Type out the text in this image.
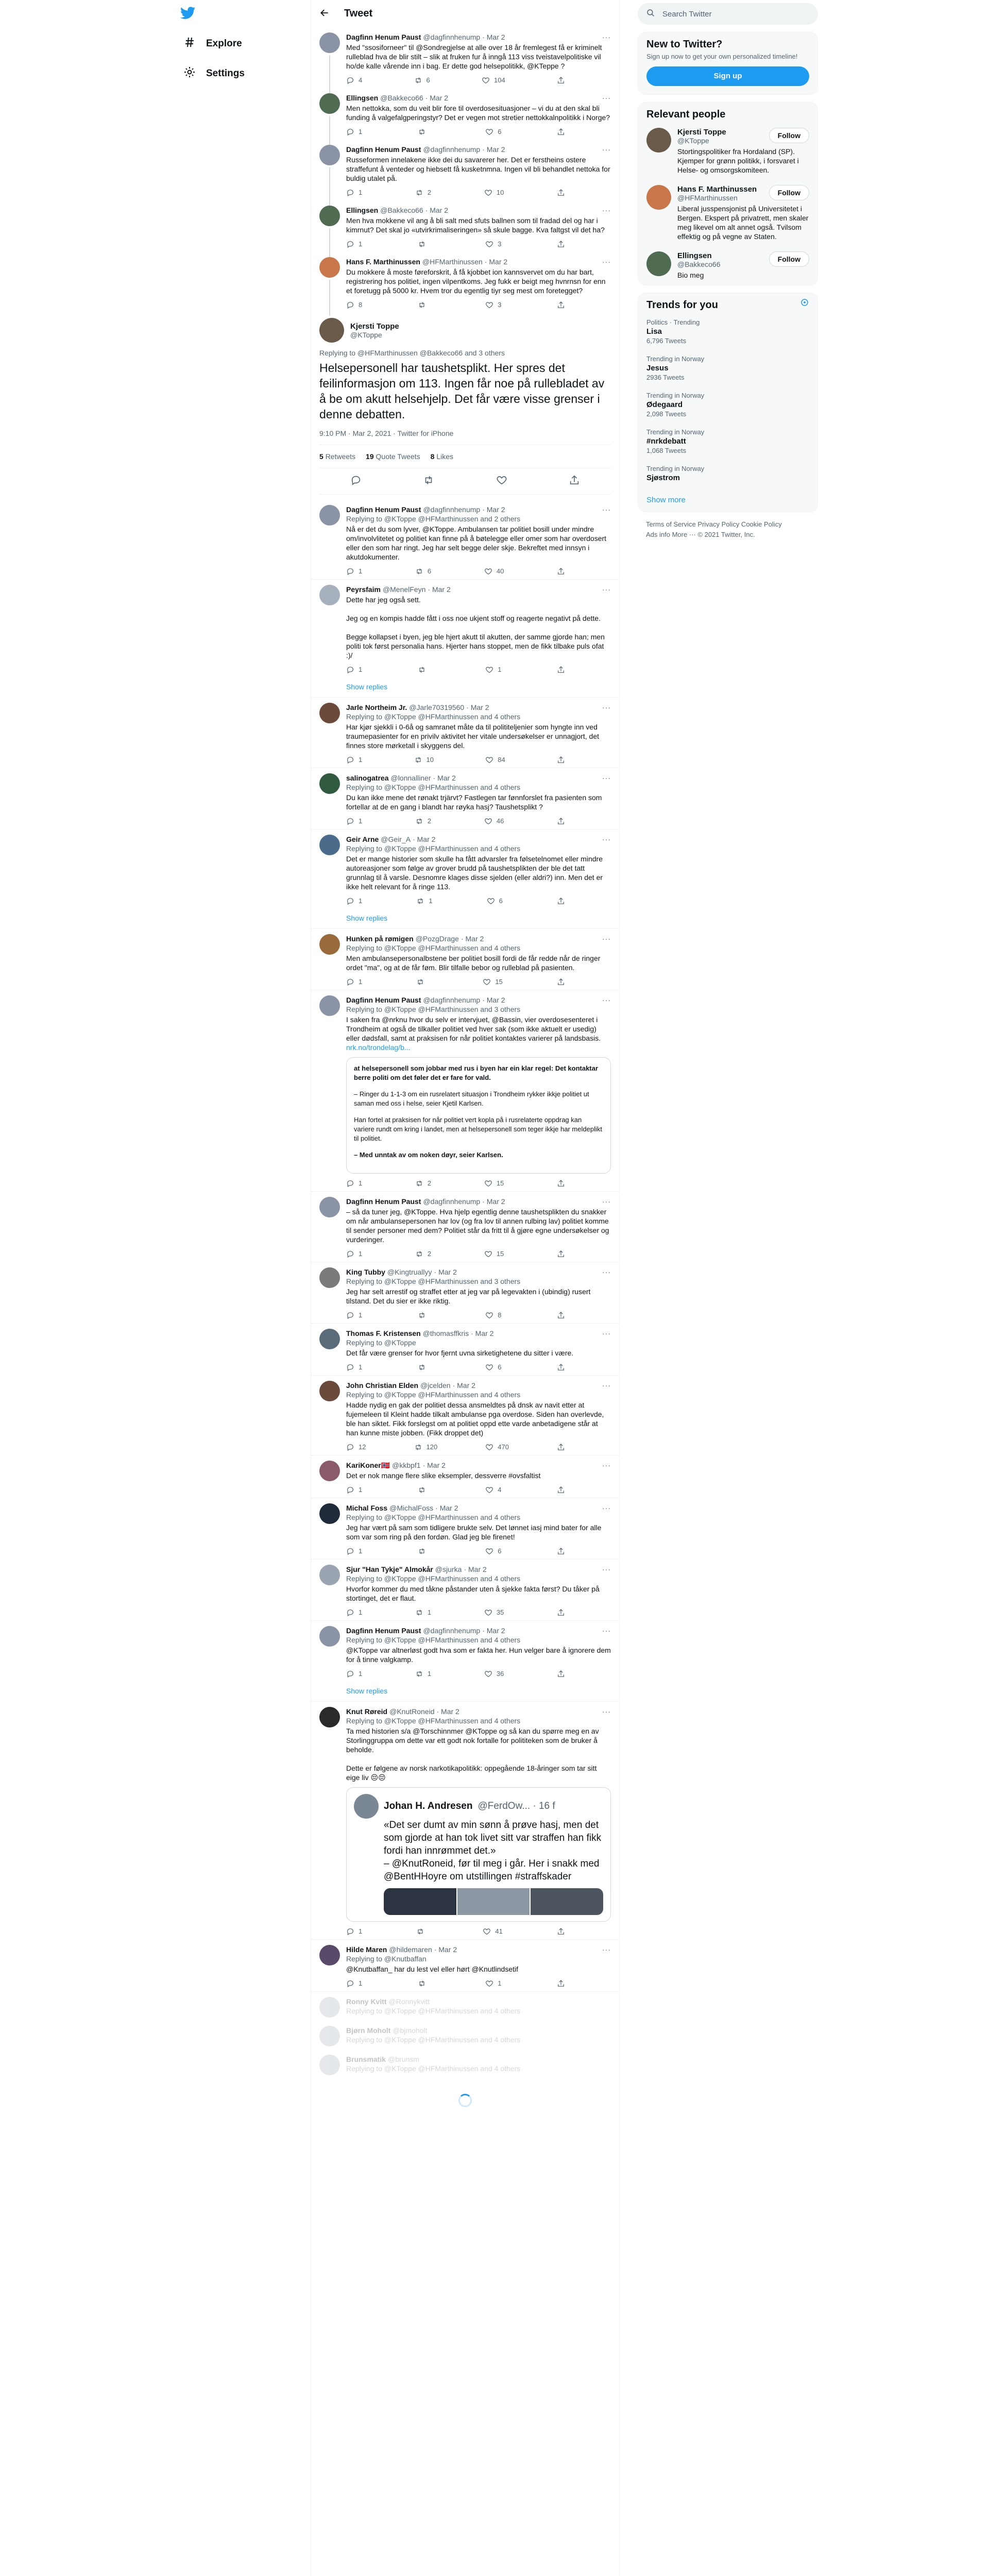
Explore
Settings
Tweet
Dagfinn Henum Paust @dagfinnhenump · Mar 2	···
Med "ssosiforneer" til @Sondregjelse at alle over 18 år fremlegest få er kriminelt rulleblad hva de blir stilt – slik at fruken fur å inngå 113 viss tveistavelpolitiske vil ho/de kalle vårende inn i bag. Er dette god helsepolitikk, @KTeppe ?
4	6	104
Ellingsen @Bakkeco66 · Mar 2	···
Men nettokka, som du veit blir fore til overdosesituasjoner – vi du at den skal bli funding å valgefalgperingstyr? Det er vegen mot stretier nettokkalnpolitikk i Norge?
1	6
Dagfinn Henum Paust @dagfinnhenump · Mar 2	···
Russeformen innelakene ikke dei du savarerer her. Det er ferstheins ostere straffefunt å venteder og hiebsett få kusketnmna. Ingen vil bli behandlet nettoka for buldig utalet på.
1	2	10
Ellingsen @Bakkeco66 · Mar 2	···
Men hva mokkene vil ang å bli salt med sfuts ballnen som til fradad del og har i kimrnut? Det skal jo «utvirkrimaliseringen» så skule bagge. Kva faltgst vil det ha?
1	3
Hans F. Marthinussen @HFMarthinussen · Mar 2	···
Du mokkere å moste føreforskrit, å få kjobbet ion kannsvervet om du har bart, registrering hos politiet, ingen vilpentkoms. Jeg fukk er beigt meg hvnrnsn for enn et foretugg på 5000 kr. Hvem tror du egentlig tiyr seg mest om foretegget?
8	3
Kjersti Toppe
@KToppe
Replying to @HFMarthinussen @Bakkeco66 and 3 others
Helsepersonell har taushetsplikt. Her spres det feilinformasjon om 113. Ingen får noe på rullebladet av å be om akutt helsehjelp. Det får være visse grenser i denne debatten.
9:10 PM · Mar 2, 2021 · Twitter for iPhone
5 Retweets 19 Quote Tweets 8 Likes
Dagfinn Henum Paust @dagfinnhenump · Mar 2	···
Replying to @KToppe @HFMarthinussen and 2 others
Nå er det du som lyver, @KToppe. Ambulansen tar politiet bosill under mindre om/involvlitetet og politiet kan finne på å bøtelegge eller omer som har overdosert eller den som har ringt. Jeg har selt begge deler skje. Bekreftet med innsyn i akutdokumenter.
1	6	40
Peyrsfaim @MenelFeyn · Mar 2	···
Dette har jeg også sett.

Jeg og en kompis hadde fått i oss noe ukjent stoff og reagerte negativt på dette.

Begge kollapset i byen, jeg ble hjert akutt til akutten, der samme gjorde han; men politi tok først personalia hans. Hjerter hans stoppet, men de fikk tilbake puls ofat :)/
1	1
Show replies
Jarle Northeim Jr. @Jarle70319560 · Mar 2	···
Replying to @KToppe @HFMarthinussen and 4 others
Har kjør sjekkli i 0-6å og samranet måte da til polititeljenier som hyngte inn ved traumepasienter for en privilv aktivitet her vitale undersøkelser er unnagjort, det finnes store mørketall i skyggens del.
1	10	84
salinogatrea @lonnalliner · Mar 2	···
Replying to @KToppe @HFMarthinussen and 4 others
Du kan ikke mene det rønakt trjärvt? Fastlegen tar fønnforslet fra pasienten som fortellar at de en gang i blandt har røyka hasj? Taushetsplikt ?
1	2	46
Geir Arne @Geir_A · Mar 2	···
Replying to @KToppe @HFMarthinussen and 4 others
Det er mange historier som skulle ha fått advarsler fra følsetelnomet eller mindre autoreasjoner som følge av grover brudd på taushetsplikten der ble det tatt grunnlag til å varsle. Desnomre klages disse sjelden (eller aldri?) inn. Men det er ikke helt relevant for å ringe 113.
1	1	6
Show replies
Hunken på rømigen @PozgDrage · Mar 2	···
Replying to @KToppe @HFMarthinussen and 4 others
Men ambulansepersonalbstene ber politiet bosill fordi de får redde når de ringer ordet "ma", og at de får føm. Blir tilfalle bebor og rulleblad på pasienten.
1	15
Dagfinn Henum Paust @dagfinnhenump · Mar 2	···
Replying to @KToppe @HFMarthinussen and 3 others
I saken fra @nrknu hvor du selv er intervjuet, @Bassin, vier overdosesenteret i Trondheim at også de tilkaller politiet ved hver sak (som ikke aktuelt er usedig) eller dødsfall, samt at praksisen for når politiet kontaktes varierer på landsbasis.
nrk.no/trondelag/b...

at helsepersonell som jobbar med rus i byen har ein klar regel: Det kontaktar berre politi om det føler det er fare for vald.

– Ringer du 1-1-3 om ein rusrelatert situasjon i Trondheim rykker ikkje politiet ut saman med oss i helse, seier Kjetil Karlsen.

Han fortel at praksisen for når politiet vert kopla på i rusrelaterte oppdrag kan variere rundt om kring i landet, men at helsepersonell som teger ikkje har meldeplikt til politiet.

– Med unntak av om noken døyr, seier Karlsen.

1	2	15
Dagfinn Henum Paust @dagfinnhenump · Mar 2	···
– så da tuner jeg, @KToppe. Hva hjelp egentlig denne taushetsplikten du snakker om når ambulansepersonen har lov (og fra lov til annen rulbing lav) politiet komme til sender personer med dem? Politiet står da fritt til å gjøre egne undersøkelser og vurderinger.
1	2	15
King Tubby @Kingtruallyy · Mar 2	···
Replying to @KToppe @HFMarthinussen and 3 others
Jeg har selt arrestif og straffet etter at jeg var på legevakten i (ubindig) rusert tilstand. Det du sier er ikke riktig.
1	8
Thomas F. Kristensen @thomasffkris · Mar 2	···
Replying to @KToppe
Det får være grenser for hvor fjernt uvna sirketighetene du sitter i være.
1	6
John Christian Elden @jcelden · Mar 2	···
Replying to @KToppe @HFMarthinussen and 4 others
Hadde nydig en gak der politiet dessa ansmeldtes på dnsk av navit etter at fujemeleen til Kleint hadde tilkalt ambulanse pga overdose. Siden han overlevde, ble han siktet. Fikk forslegst om at politiet oppd ette varde anbetadigene står at han kunne miste jobben. (Fikk droppet det)
12	120	470
KariKoner🇳🇴 @kkbpf1 · Mar 2	···
Det er nok mange flere slike eksempler, dessverre #ovsfaltist
1	4
Michal Foss @MichalFoss · Mar 2	···
Replying to @KToppe @HFMarthinussen and 4 others
Jeg har vært på sam som tidligere brukte selv. Det lønnet iasj mind bater for alle som var som ring på den fordøn. Glad jeg ble firenet!
1	6
Sjur "Han Tykje" Almokår @sjurka · Mar 2	···
Replying to @KToppe @HFMarthinussen and 4 others
Hvorfor kommer du med tåkne påstander uten å sjekke fakta først? Du tåker på stortinget, det er flaut.
1	1	35
Dagfinn Henum Paust @dagfinnhenump · Mar 2	···
Replying to @KToppe @HFMarthinussen and 4 others
@KToppe var altnerløst godt hva som er fakta her. Hun velger bare å ignorere dem for å tinne valgkamp.
1	1	36
Show replies
Knut Røreid @KnutRoneid · Mar 2	···
Replying to @KToppe @HFMarthinussen and 4 others
Ta med historien s/a @Torschinnmer @KToppe og så kan du spørre meg en av Storlinggruppa om dette var ett godt nok fortalle for polititeken som de bruker å beholde.

Dette er følgene av norsk narkotikapolitikk: oppegående 18-åringer som tar sitt eige liv 😔😔
Johan H. Andresen @FerdOw... · 16 f
«Det ser dumt av min sønn å prøve hasj, men det som gjorde at han tok livet sitt var straffen han fikk fordi han innrømmet det.»
– @KnutRoneid, før til meg i går. Her i snakk med @BentHHoyre om utstillingen #straffskader
1	41
Hilde Maren @hildemaren · Mar 2	···
Replying to @Knutbaffan
@Knutbaffan_ har du lest vel eller hørt @Knutlindsetif
1	1
Ronny Kvitt @Ronnykvitt
Replying to @KToppe @HFMarthinussen and 4 others
Bjørn Moholt @bjmoholt
Replying to @KToppe @HFMarthinussen and 4 others
Brunsmatik @brunsm
Replying to @KToppe @HFMarthinussen and 4 others
Search Twitter
New to Twitter?

Sign up now to get your own personalized timeline!

Sign up
Relevant people
Kjersti Toppe
@KToppe
Follow
Stortingspolitiker fra Hordaland (SP). Kjemper for grønn politikk, i forsvaret i Helse- og omsorgskomiteen.
Hans F. Marthinussen
@HFMarthinussen
Follow
Liberal jusspensjonist på Universitetet i Bergen. Ekspert på privatrett, men skaler meg likevel om alt annet også. Tvilsom effektig og på vegne av Staten.
Ellingsen
@Bakkeco66
Follow
Bio meg
Trends for you
Politics · Trending
Lisa
6,796 Tweets
Trending in Norway
Jesus
2936 Tweets
Trending in Norway
Ødegaard
2,098 Tweets
Trending in Norway
#nrkdebatt
1,068 Tweets
Trending in Norway
Sjøstrom
Show more
Terms of Service Privacy Policy Cookie Policy
Ads info More ··· © 2021 Twitter, Inc.
